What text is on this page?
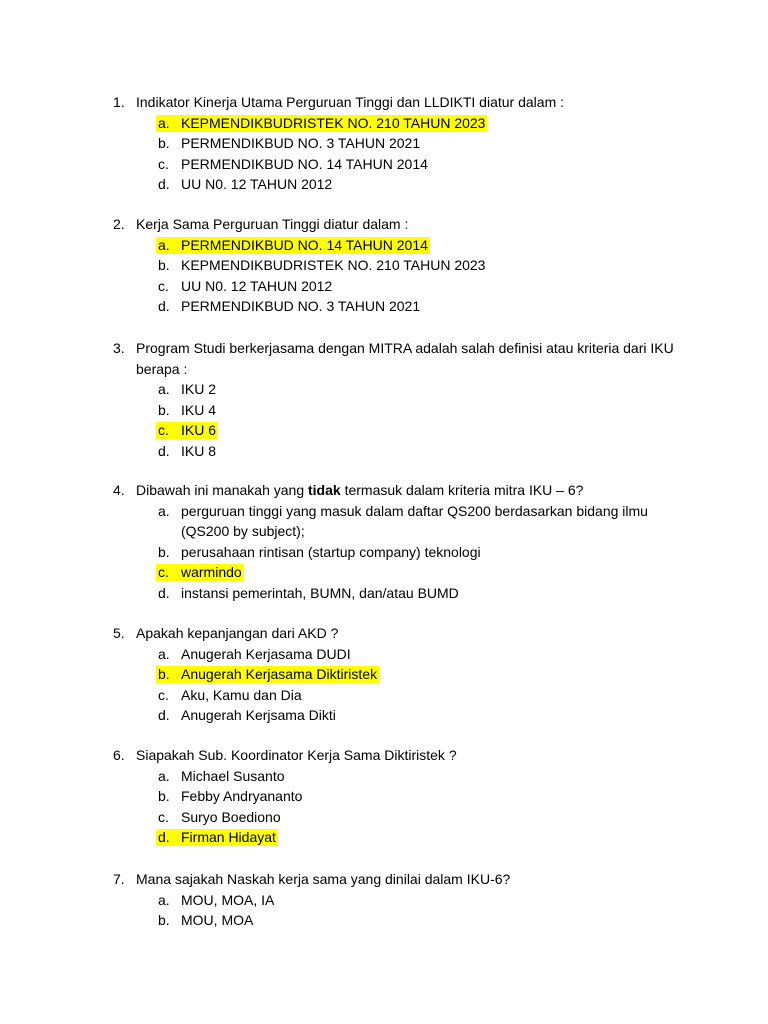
1. Indikator Kinerja Utama Perguruan Tinggi dan LLDIKTI diatur dalam :
a. KEPMENDIKBUDRISTEK NO. 210 TAHUN 2023
b. PERMENDIKBUD NO. 3 TAHUN 2021
c. PERMENDIKBUD NO. 14 TAHUN 2014
d. UU N0. 12 TAHUN 2012
2. Kerja Sama Perguruan Tinggi diatur dalam :
a. PERMENDIKBUD NO. 14 TAHUN 2014
b. KEPMENDIKBUDRISTEK NO. 210 TAHUN 2023
c. UU N0. 12 TAHUN 2012
d. PERMENDIKBUD NO. 3 TAHUN 2021
3. Program Studi berkerjasama dengan MITRA adalah salah definisi atau kriteria dari IKU
berapa :
a. IKU 2
b. IKU 4
c. IKU 6
d. IKU 8
4. Dibawah ini manakah yang tidak termasuk dalam kriteria mitra IKU – 6?
a. perguruan tinggi yang masuk dalam daftar QS200 berdasarkan bidang ilmu
(QS200 by subject);
b. perusahaan rintisan (startup company) teknologi
c. warmindo
d. instansi pemerintah, BUMN, dan/atau BUMD
5. Apakah kepanjangan dari AKD ?
a. Anugerah Kerjasama DUDI
b. Anugerah Kerjasama Diktiristek
c. Aku, Kamu dan Dia
d. Anugerah Kerjsama Dikti
6. Siapakah Sub. Koordinator Kerja Sama Diktiristek ?
a. Michael Susanto
b. Febby Andryananto
c. Suryo Boediono
d. Firman Hidayat
7. Mana sajakah Naskah kerja sama yang dinilai dalam IKU-6?
a. MOU, MOA, IA
b. MOU, MOA
